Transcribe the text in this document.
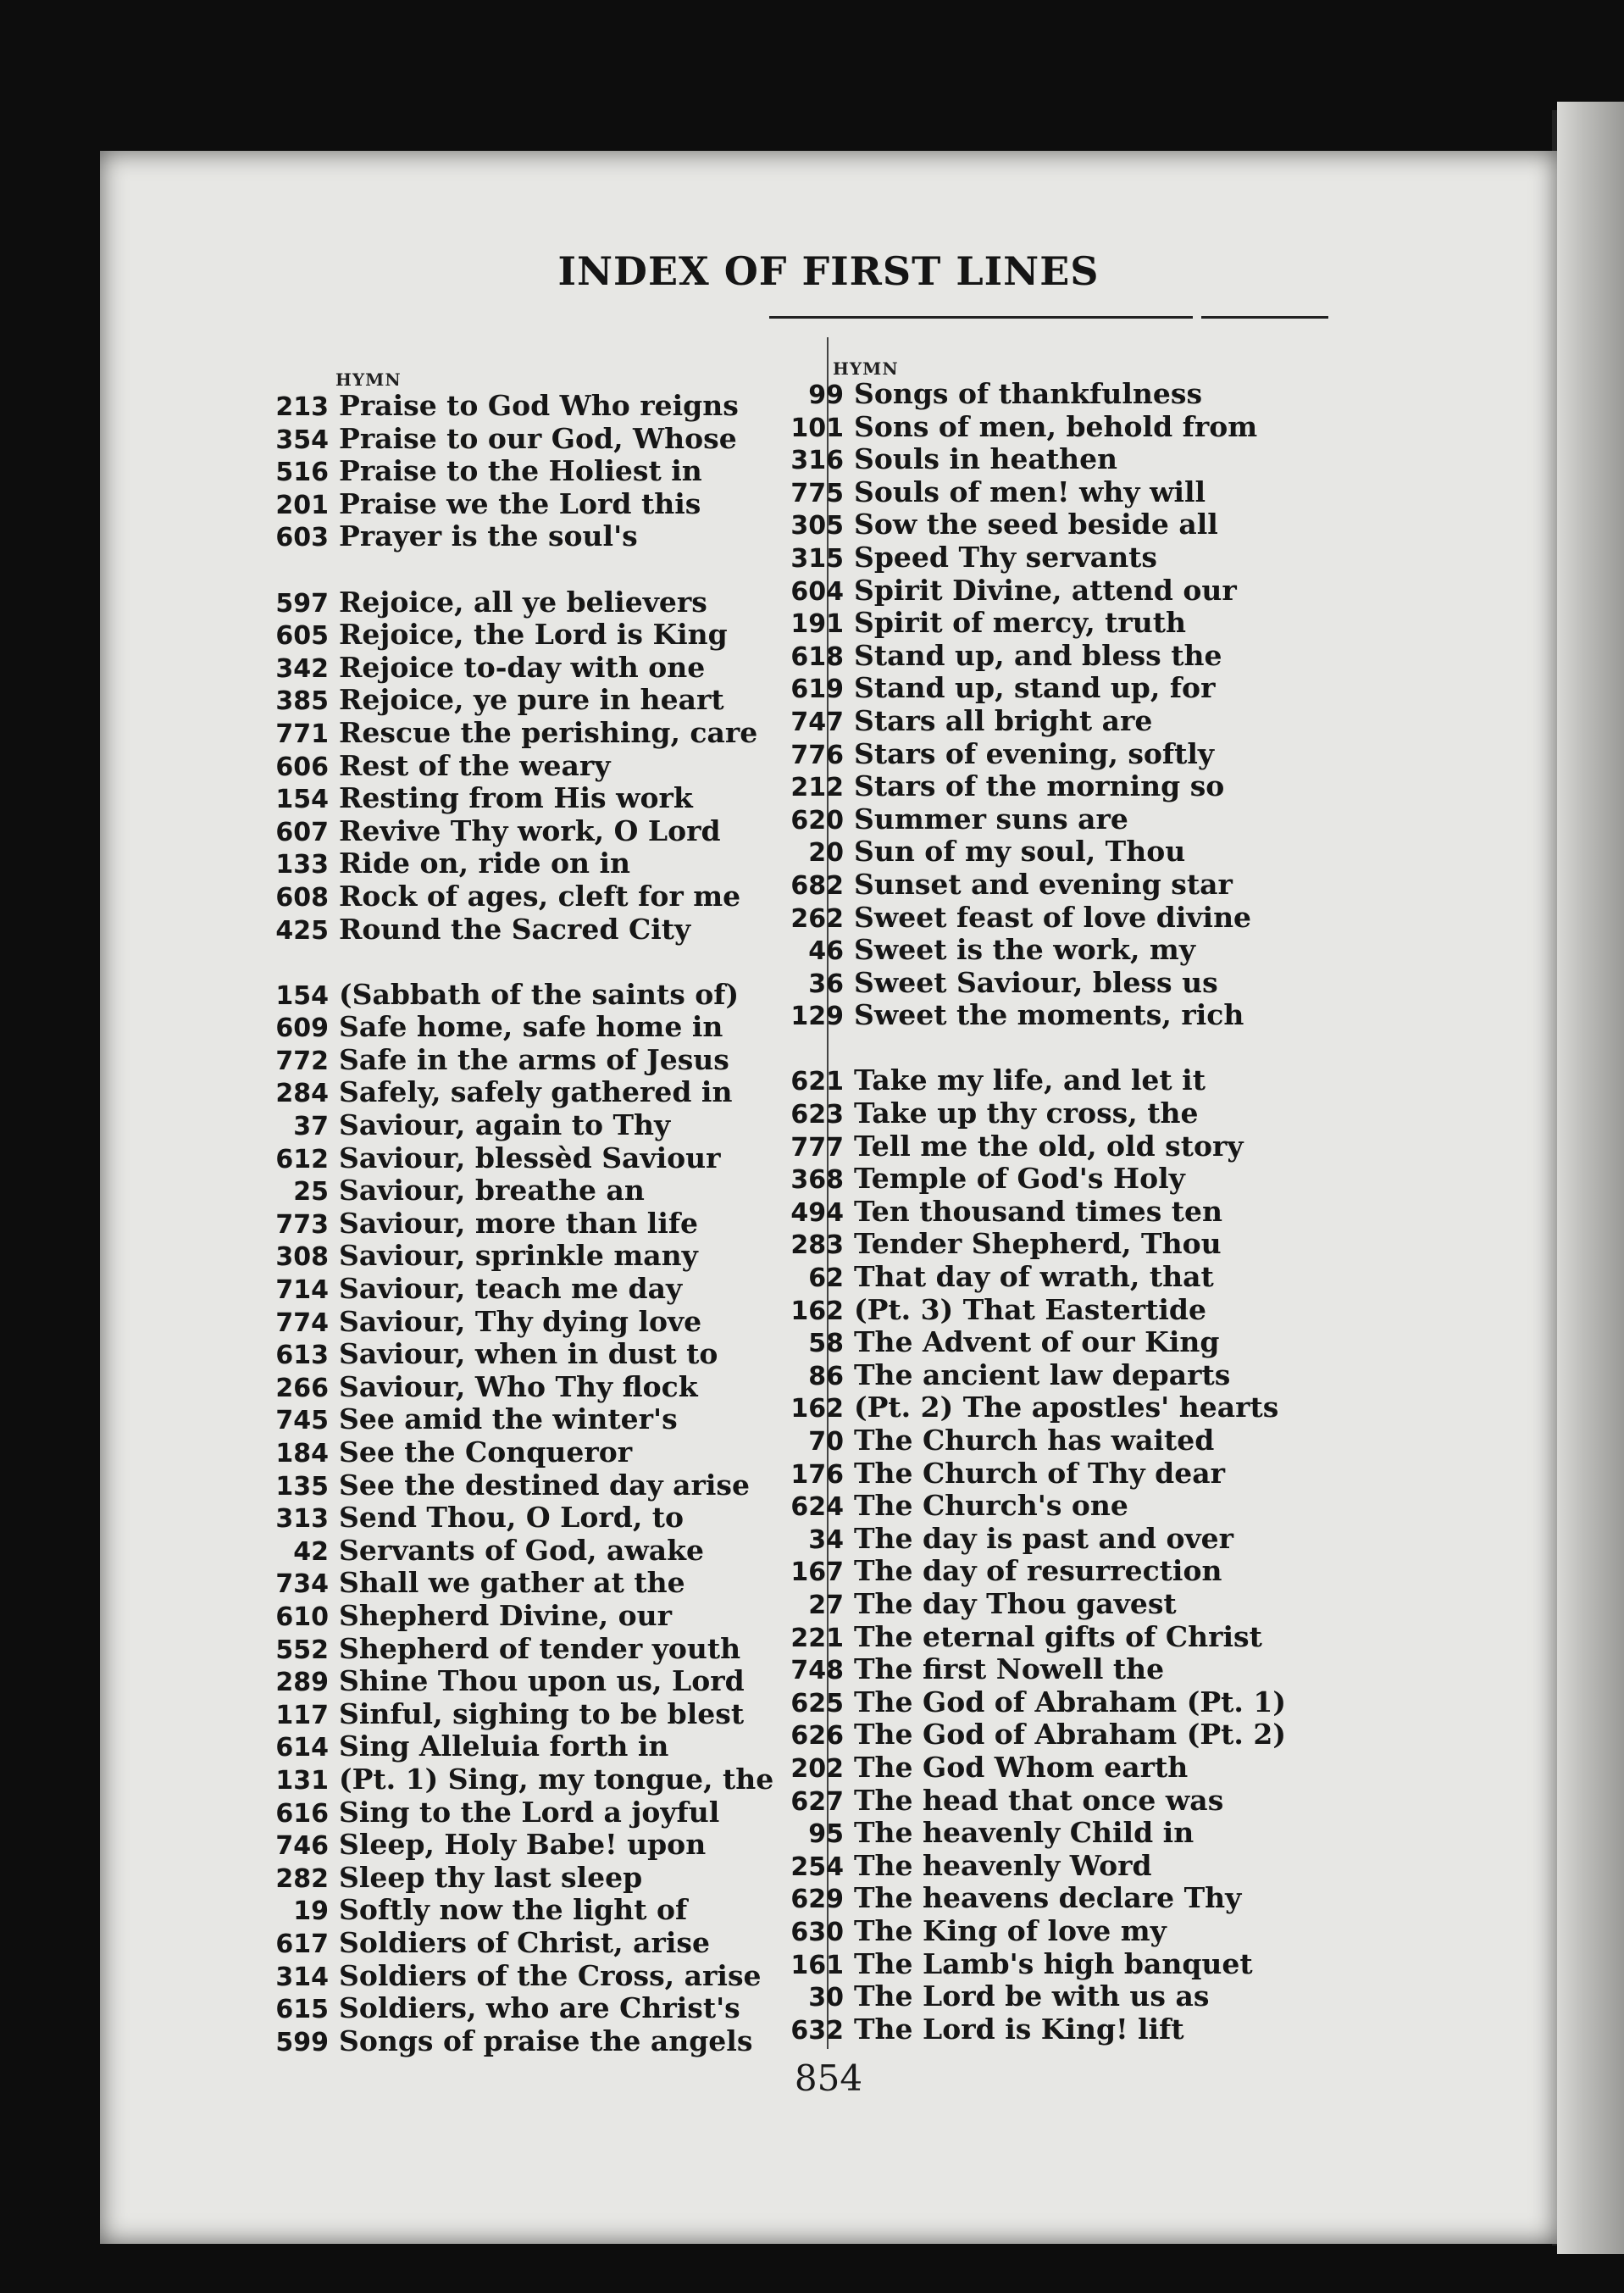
INDEX OF FIRST LINES
HYMN
HYMN
213 Praise to God Who reigns
354 Praise to our God, Whose
516 Praise to the Holiest in
201 Praise we the Lord this
603 Prayer is the soul's
597 Rejoice, all ye believers
605 Rejoice, the Lord is King
342 Rejoice to-day with one
385 Rejoice, ye pure in heart
771 Rescue the perishing, care
606 Rest of the weary
154 Resting from His work
607 Revive Thy work, O Lord
133 Ride on, ride on in
608 Rock of ages, cleft for me
425 Round the Sacred City
154 (Sabbath of the saints of)
609 Safe home, safe home in
772 Safe in the arms of Jesus
284 Safely, safely gathered in
37 Saviour, again to Thy
612 Saviour, blessèd Saviour
25 Saviour, breathe an
773 Saviour, more than life
308 Saviour, sprinkle many
714 Saviour, teach me day
774 Saviour, Thy dying love
613 Saviour, when in dust to
266 Saviour, Who Thy flock
745 See amid the winter's
184 See the Conqueror
135 See the destined day arise
313 Send Thou, O Lord, to
42 Servants of God, awake
734 Shall we gather at the
610 Shepherd Divine, our
552 Shepherd of tender youth
289 Shine Thou upon us, Lord
117 Sinful, sighing to be blest
614 Sing Alleluia forth in
131 (Pt. 1) Sing, my tongue, the
616 Sing to the Lord a joyful
746 Sleep, Holy Babe! upon
282 Sleep thy last sleep
19 Softly now the light of
617 Soldiers of Christ, arise
314 Soldiers of the Cross, arise
615 Soldiers, who are Christ's
599 Songs of praise the angels
99 Songs of thankfulness
101 Sons of men, behold from
316 Souls in heathen
775 Souls of men! why will
305 Sow the seed beside all
315 Speed Thy servants
604 Spirit Divine, attend our
191 Spirit of mercy, truth
618 Stand up, and bless the
619 Stand up, stand up, for
747 Stars all bright are
776 Stars of evening, softly
212 Stars of the morning so
620 Summer suns are
20 Sun of my soul, Thou
682 Sunset and evening star
262 Sweet feast of love divine
46 Sweet is the work, my
36 Sweet Saviour, bless us
129 Sweet the moments, rich
621 Take my life, and let it
623 Take up thy cross, the
777 Tell me the old, old story
368 Temple of God's Holy
494 Ten thousand times ten
283 Tender Shepherd, Thou
62 That day of wrath, that
162 (Pt. 3) That Eastertide
58 The Advent of our King
86 The ancient law departs
162 (Pt. 2) The apostles' hearts
70 The Church has waited
176 The Church of Thy dear
624 The Church's one
34 The day is past and over
167 The day of resurrection
27 The day Thou gavest
221 The eternal gifts of Christ
748 The first Nowell the
625 The God of Abraham (Pt. 1)
626 The God of Abraham (Pt. 2)
202 The God Whom earth
627 The head that once was
95 The heavenly Child in
254 The heavenly Word
629 The heavens declare Thy
630 The King of love my
161 The Lamb's high banquet
30 The Lord be with us as
632 The Lord is King! lift
854
